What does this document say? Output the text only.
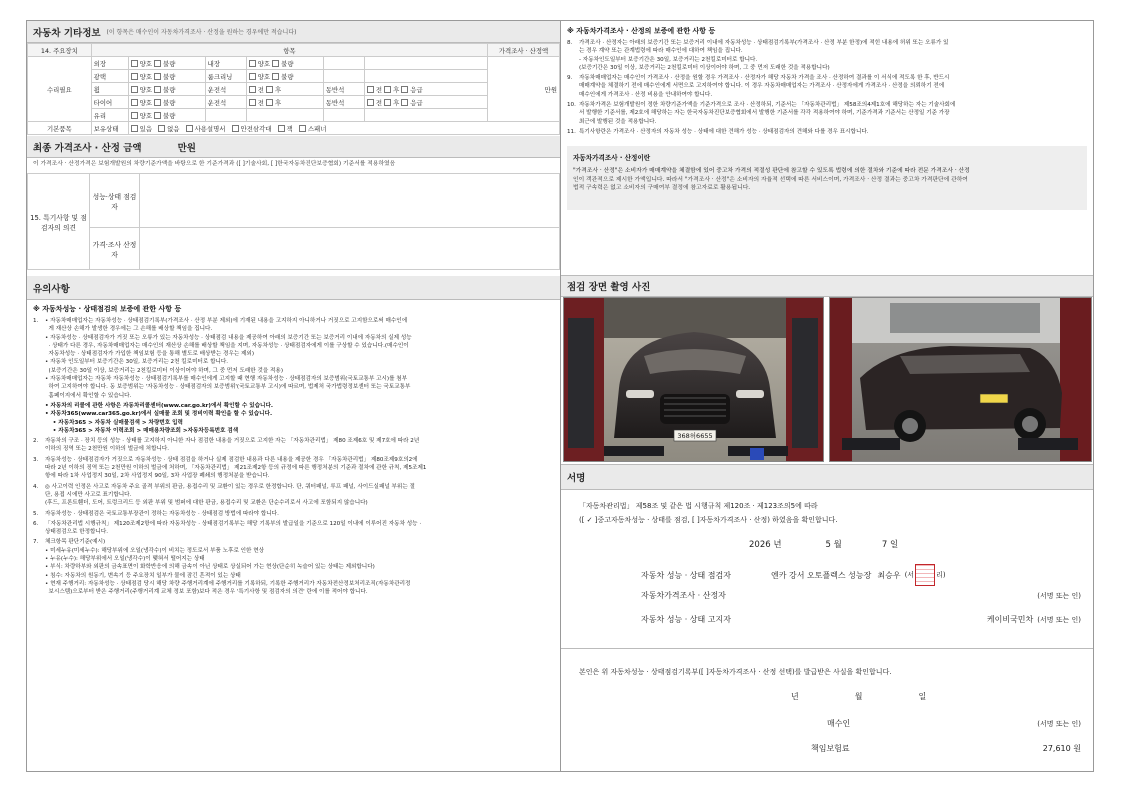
자동차 기타정보 (이 항목은 매수인이 자동차가격조사 · 산정을 원하는 경우에만 적습니다)
14. 주요장치	항목						가격조사 · 산정액
수리필요	외장	양호 불량	내장	양호 불량			만원
	광택	양호 불량	룸크리닝	양호 불량			
	휠	양호 불량	운전석	전 후	동반석	전 후 응급	
	타이어	양호 불량	운전석	전 후	동반석	전 후 응급	
	유리	양호 불량					
기본품목	보유상태	있음 없음 사용설명서 안전삼각대 잭 스패너					
최종 가격조사 · 산정 금액	만원
이 가격조사 · 산정가격은 보험개발원의 차량기준가액을 바탕으로 한 기준가격과 ([ ]기술사회, [ ]한국자동차진단보증협회) 기준서를 적용하였음
15. 특기사항 및 점검자의 의견	성능·상태 점검자	
	가격·조사 산정자	
유의사항
※ 자동차성능 · 상태점검의 보증에 관한 사항 등
1.	• 자동차매매업자는 자동차성능 · 상태점검기록부(가격조사 · 산정 부분 제외)에 기재된 내용을 고지하지 아니하거나 거짓으로 고지함으로써 매수인에
게 재산상 손해가 발생한 경우에는 그 손해를 배상할 책임을 집니다.
• 자동차성능 · 상태점검자가 거짓 또는 오류가 있는 자동차성능 · 상태점검 내용을 제공하여 아래의 보증기간 또는 보증거리 이내에 자동차의 실제 성능
· 상태가 다른 경우, 자동차매매업자는 매수인의 재산상 손해를 배상할 책임을 지며, 자동차성능 · 상태점검자에게 이를 구상할 수 있습니다.(매수인이
자동차성능 · 상태점검자가 가입한 책임보험 등을 통해 별도로 배상받는 경우는 제외)
• 자동차 인도일부터 보증기간은 30일, 보증거리는 2천 킬로미터로 합니다.
(보증기간은 30일 이상, 보증거리는 2천킬로미터 이상이어야 하며, 그 중 먼저 도래한 것을 적용)
• 자동차매매업자는 자동차 자동차성능 · 상태점검기록부를 매수인에게 고지할 때 현행 자동차성능 · 상태점검자의 보증범위(국토교통부 고시)를 첨부
하여 고지하여야 합니다. 동 보증범위는 '자동차성능 · 상태점검자의 보증범위'(국토교통부 고시)에 따르며, 법제처 국가법령정보센터 또는 국토교통부
홈페이지에서 확인할 수 있습니다.
• 자동차의 리콜에 관한 사항은 자동차리콜센터(www.car.go.kr)에서 확인할 수 있습니다.
• 자동차365(www.car365.go.kr)에서 실매물 조회 및 정비이력 확인을 할 수 있습니다.
• 자동차365 > 자동차 실매물검색 > 차량번호 입력
• 자동차365 > 자동차 이력조회 > 매매용차량조회 >자동차등록번호 검색
2.	자동차의 구조 · 장치 등의 성능 · 상태를 고지하지 아니한 자나 점검한 내용을 거짓으로 고지한 자는 「자동차관리법」 제80 조제6호 및 제7호에 따라 2년
이하의 징역 또는 2천만원 이하의 벌금에 처합니다.
3.	자동차성능 · 상태점검자가 거짓으로 자동차성능 · 상태 점검을 하거나 실제 점검한 내용과 다른 내용을 제공한 경우 「자동차관리법」 제80조제9호의2에
따라 2년 이하의 징역 또는 2천만원 이하의 벌금에 처하며, 「자동차관리법」 제21조제2항 등의 규정에 따른 행정처분의 기준과 절차에 관한 규칙, 제5조제1
항에 따라 1차 사업정지 30일, 2차 사업정지 90일, 3차 사업장 폐쇄의 행정처분을 받습니다.
4.	◎ 사고이력 인정은 사고로 자동차 주요 골격 부위의 판금, 용접수리 및 교환이 있는 경우로 한정합니다. 단, 쿼터패널, 루프 패널, 사이드실패널 부위는 절
단, 용접 시에만 사고로 표기합니다.
(후드, 프론트휀더, 도어, 트렁크리드 등 외판 부위 및 범퍼에 대한 판금, 용접수리 및 교환은 단순수리로서 사고에 포함되지 않습니다)
5.	자동차성능 · 상태점검은 국토교통부장관이 정하는 자동차성능 · 상태점검 방법에 따라야 합니다.
6.	「자동차관리법 시행규칙」 제120조제2항에 따라 자동차성능 · 상태점검기록부는 해당 기록부의 발급일을 기준으로 120일 이내에 이루어진 자동차 성능 ·
상태점검으로 한정합니다.
7.	체크항목 판단기준(예시)
• 미세누유(미세누수): 해당부위에 오일(냉각수)이 비치는 정도로서 부품 노후로 인한 현상
• 누유(누수): 해당부위에서 오일(냉각수)이 맺혀서 떨어지는 상태
• 부식: 차량하부와 외판의 금속표면이 화학반응에 의해 금속이 아닌 상태로 상실되어 가는 현상(단순히 녹슬어 있는 상태는 제외합니다)
• 침수: 자동차의 원동기, 변속기 등 주요장치 일부가 물에 잠긴 흔적이 있는 상태
• 현재 주행거리: 자동차성능 · 상태점검 당시 해당 차량 주행거리계에 주행거리를 기록하되, 기록한 주행거리가 자동차전산정보처리조직(자동차관리정
보시스템)으로부터 받은 주행거리(주행거리계 교체 정보 포함)보다 적은 경우 '특기사항 및 점검자의 의견' 란에 이를 적어야 합니다.
※ 자동차가격조사 · 산정의 보증에 관한 사항 등
8.	가격조사 · 산정자는 아래의 보증기간 또는 보증거리 이내에 자동차성능 · 상태점검기록부(가격조사 · 산정 부분 한정)에 적힌 내용에 허위 또는 오류가 있
는 경우 계약 또는 관계법령에 따라 매수인에 대하여 책임을 집니다.
- 자동차인도일부터 보증기간은 30일, 보증거리는 2천킬로미터로 합니다.
(보증기간은 30일 이상, 보증거리는 2천킬로미터 이상이어야 하며, 그 중 먼저 도래한 것을 적용합니다)
9.	자동차매매업자는 매수인이 가격조사 · 산정을 원할 경우 가격조사 · 산정자가 해당 자동차 가격을 조사 · 산정하여 결과를 이 서식에 적도록 한 후, 반드시
매매계약을 체결하기 전에 매수인에게 서면으로 고지하여야 합니다. 이 경우 자동차매매업자는 가격조사 · 산정자에게 가격조사 · 산정을 의뢰하기 전에
매수인에게 가격조사 · 산정 비용을 안내하여야 합니다.
10. 자동차가격은 보험개발원이 정한 차량기준가액을 기준가격으로 조사 · 산정하되, 기준서는 「자동차관리법」 제58조의4제1호에 해당하는 자는 기술사회에
서 발행한 기준서를, 제2호에 해당하는 자는 한국자동차진단보증협회에서 발행한 기준서를 각각 적용하여야 하며, 기준가격과 기준서는 산정일 기준 가장
최근에 발행된 것을 적용합니다.
11. 특기사항란은 가격조사 · 산정자의 자동차 성능 · 상태에 대한 견해가 성능 · 상태점검자의 견해와 다를 경우 표시합니다.
자동차가격조사 · 산정이란
"가격조사 · 산정"은 소비자가 매매계약을 체결함에 있어 중고차 가격의 적절성 판단에 참고할 수 있도록 법령에 의한 절차와 기준에 따라 전문 가격조사 · 산정
인이 객관적으로 제시한 가액입니다. 따라서 "가격조사 · 산정"은 소비자의 자율적 선택에 따른 서비스이며, 가격조사 · 산정 결과는 중고차 가격판단에 관하여
법적 구속력은 없고 소비자의 구매여부 결정에 참고자료로 활용됩니다.
점검 장면 촬영 사진
368허6655
서명
「자동차관리법」 제58조 및 같은 법 시행규칙 제120조 · 제123조의5에 따라
([ ✓ ]중고자동차성능 · 상태를 점검, [ ]자동차가격조사 · 산정) 하였음을 확인합니다.
2026 년	5 월	7 일
자동차 성능 · 상태 점검자	엔카 강서 오토플렉스 성능장 최승우 (서	리)
자동차가격조사 · 산정자	(서명 또는 인)
자동차 성능 · 상태 고지자	케이비국민차 (서명 또는 인)
본인은 위 자동차성능 · 상태점검기록부([ ]자동차가격조사 · 산정 선택)를 발급받은 사실을 확인합니다.
년	월	일
매수인	(서명 또는 인)
책임보험료	27,610 원
